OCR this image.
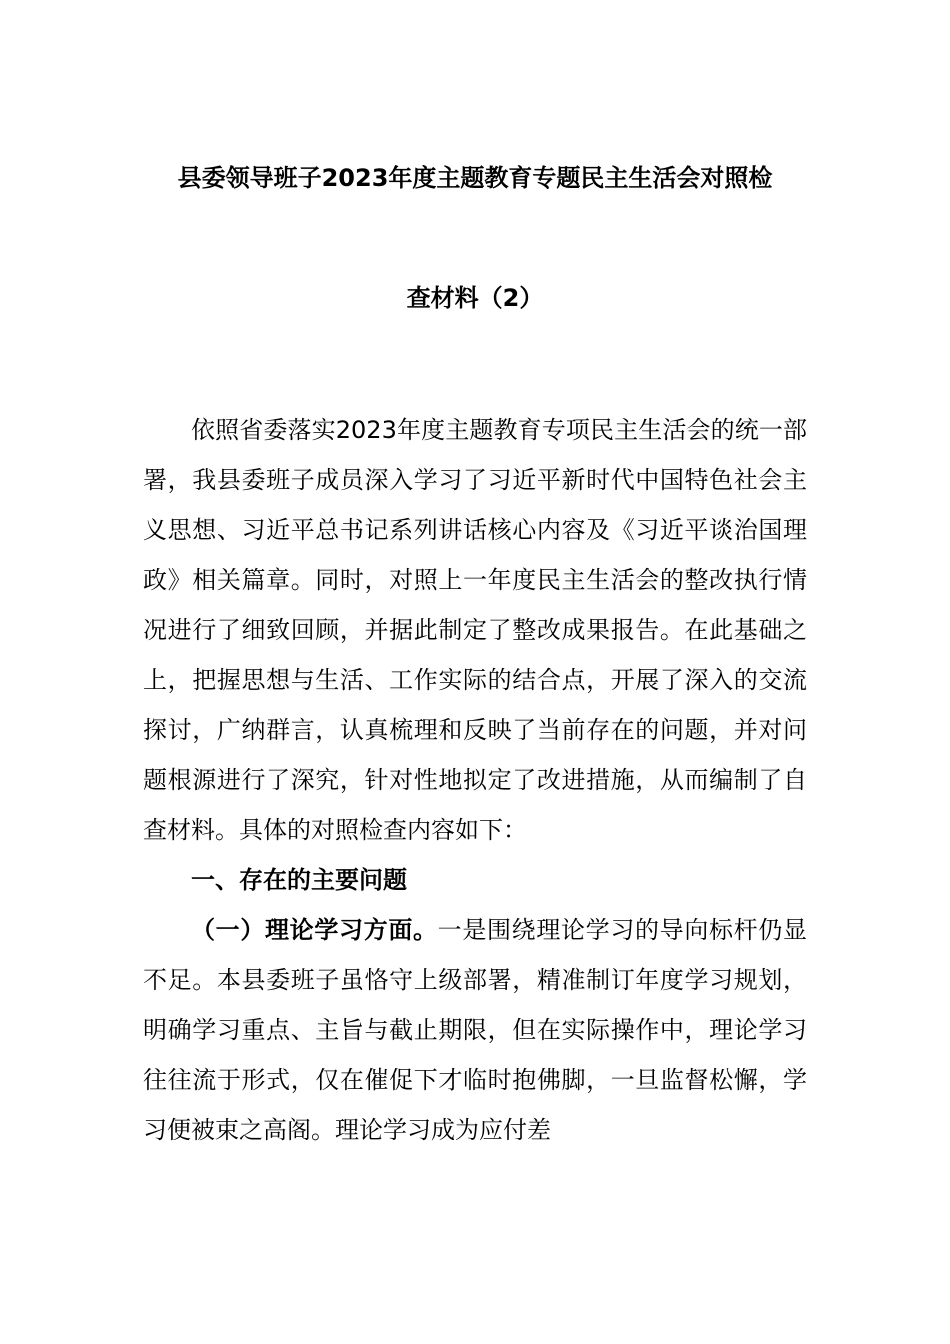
县委领导班子2023年度主题教育专题民主生活会对照检
查材料（2）

依照省委落实2023年度主题教育专项民主生活会的统一部署，我县委班子成员深入学习了习近平新时代中国特色社会主义思想、习近平总书记系列讲话核心内容及《习近平谈治国理政》相关篇章。同时，对照上一年度民主生活会的整改执行情况进行了细致回顾，并据此制定了整改成果报告。在此基础之上，把握思想与生活、工作实际的结合点，开展了深入的交流探讨，广纳群言，认真梳理和反映了当前存在的问题，并对问题根源进行了深究，针对性地拟定了改进措施，从而编制了自查材料。具体的对照检查内容如下：

一、存在的主要问题

（一）理论学习方面。一是围绕理论学习的导向标杆仍显不足。本县委班子虽恪守上级部署，精准制订年度学习规划，明确学习重点、主旨与截止期限，但在实际操作中，理论学习往往流于形式，仅在催促下才临时抱佛脚，一旦监督松懈，学习便被束之高阁。理论学习成为应付差
